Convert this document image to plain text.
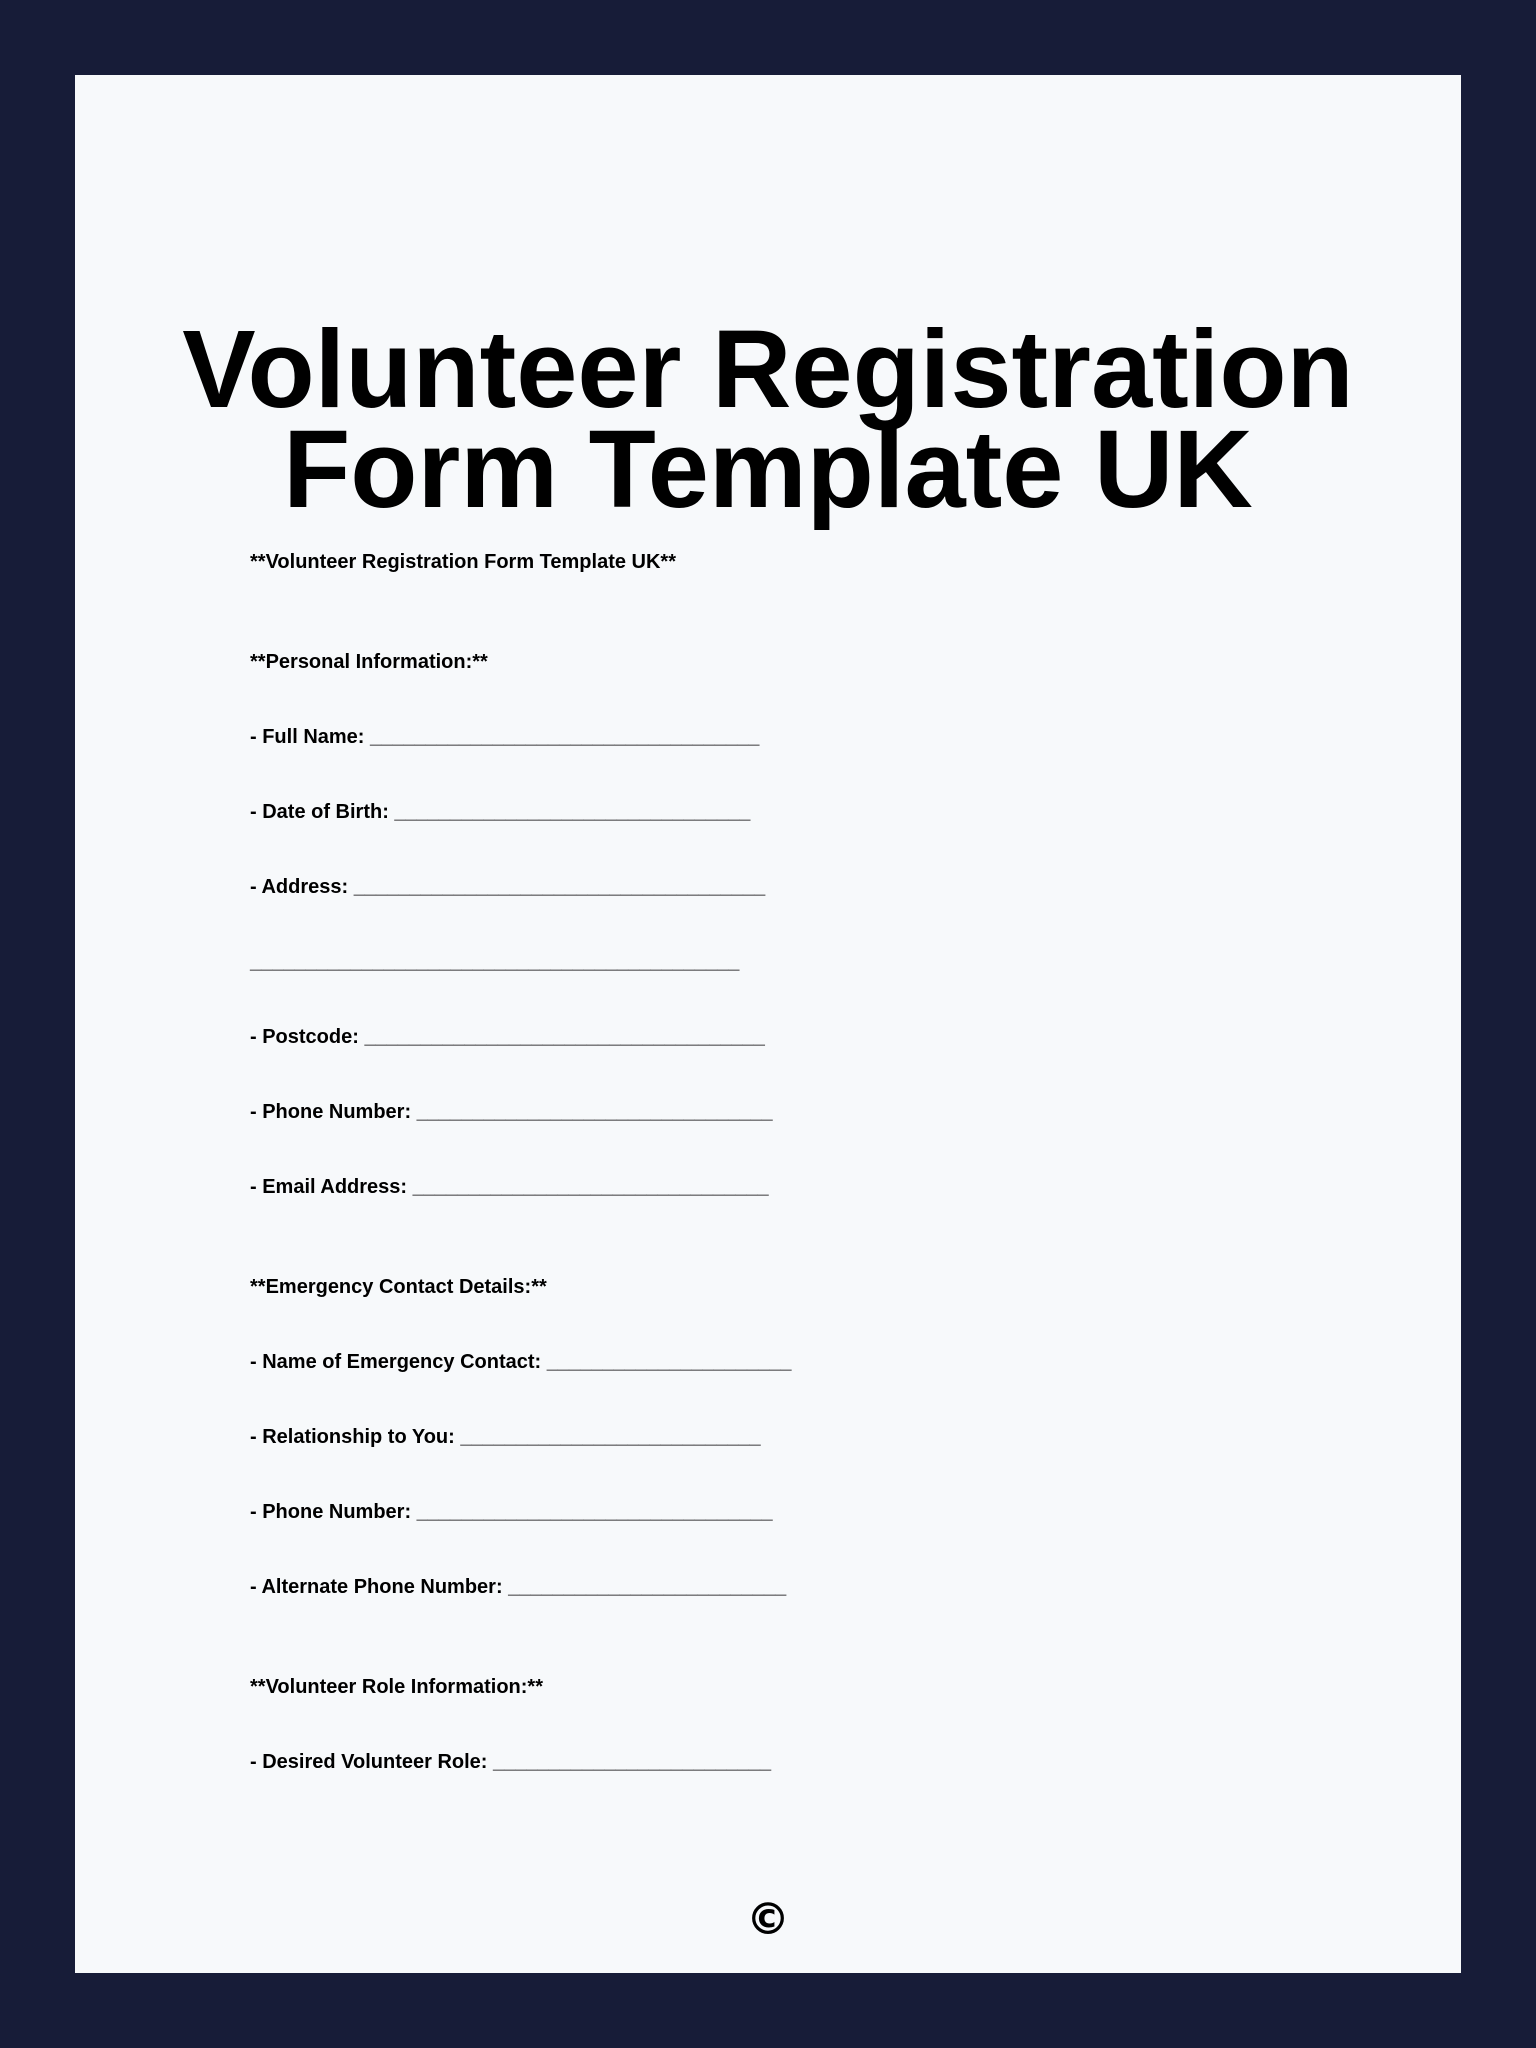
Volunteer Registration Form Template UK
**Volunteer Registration Form Template UK**
**Personal Information:**
- Full Name: ___________________________________
- Date of Birth: ________________________________
- Address: _____________________________________
____________________________________________
- Postcode: ____________________________________
- Phone Number: ________________________________
- Email Address: ________________________________
**Emergency Contact Details:**
- Name of Emergency Contact: ______________________
- Relationship to You: ___________________________
- Phone Number: ________________________________
- Alternate Phone Number: _________________________
**Volunteer Role Information:**
- Desired Volunteer Role: _________________________
©
